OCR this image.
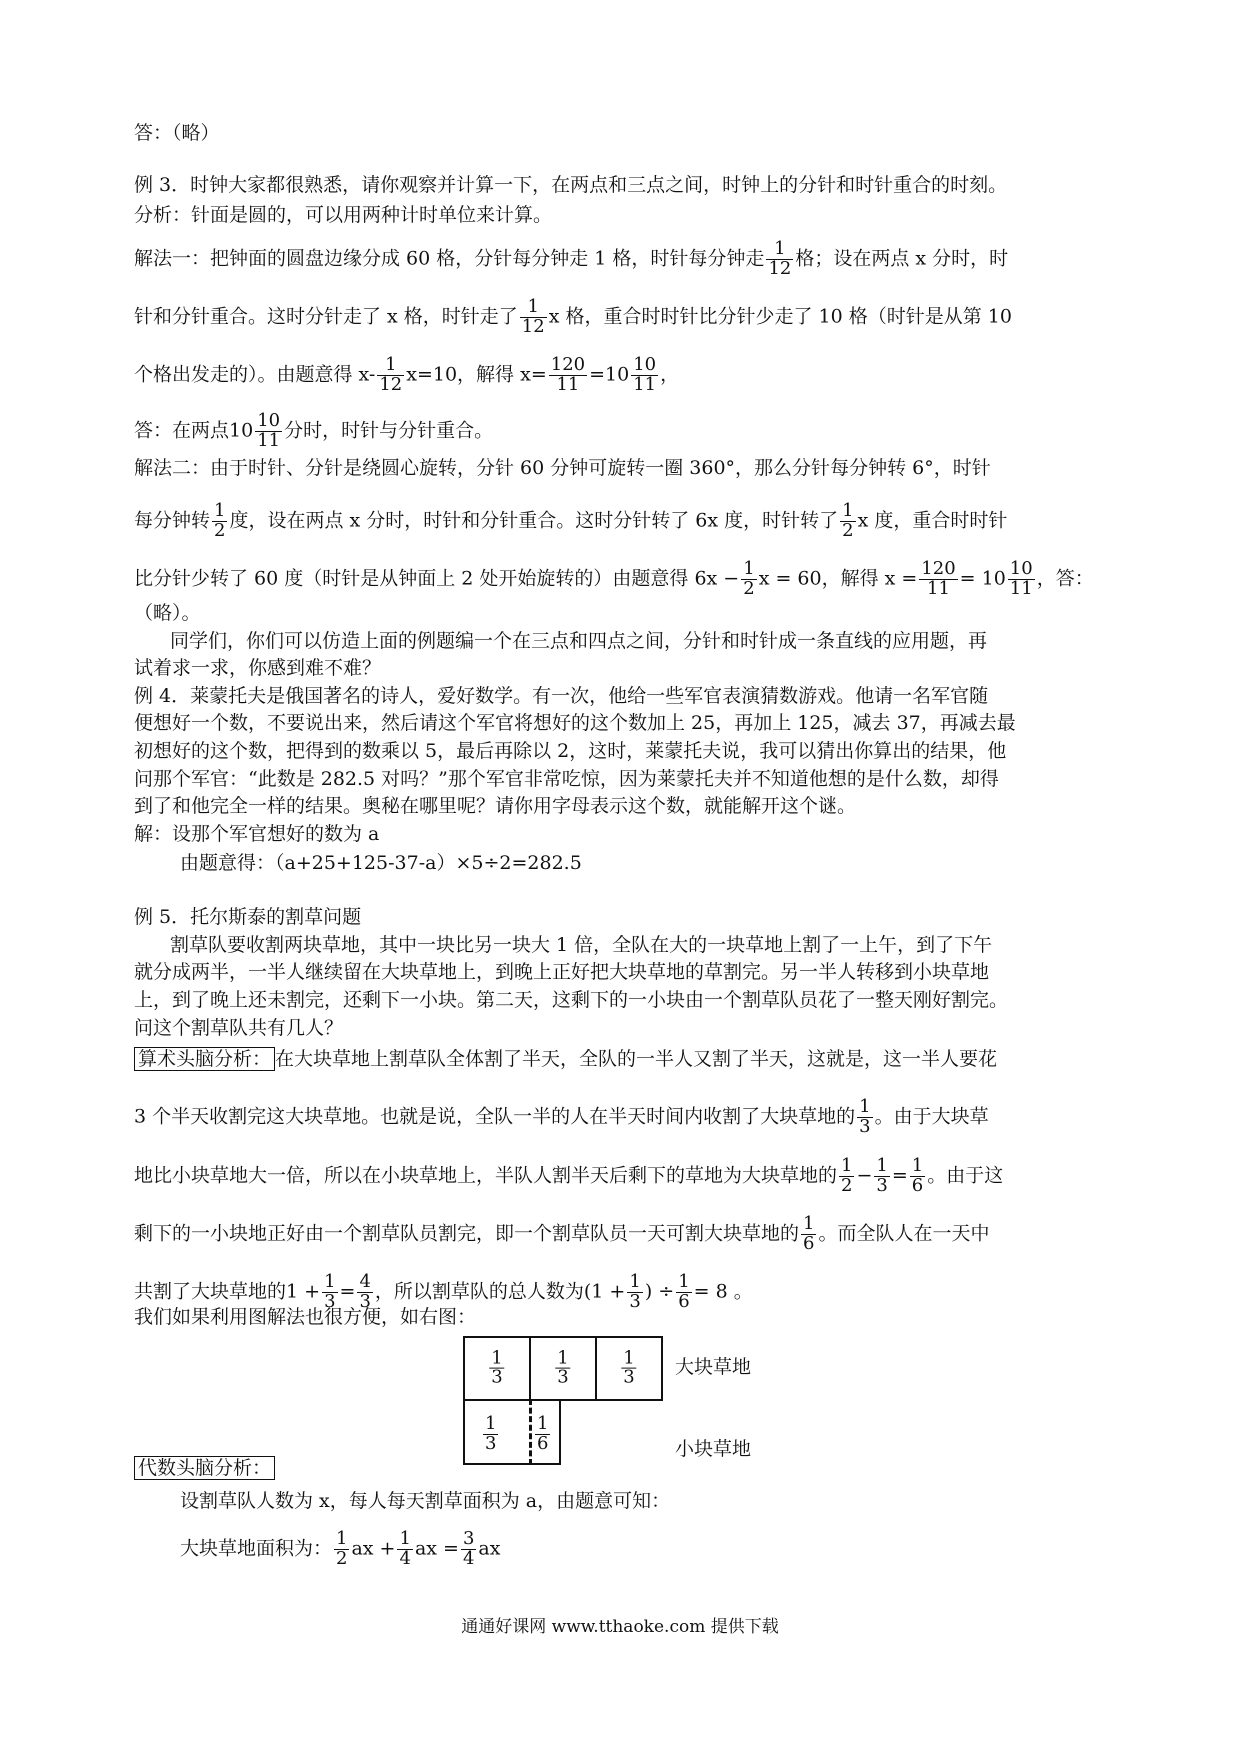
答：（略）
例 3．时钟大家都很熟悉，请你观察并计算一下，在两点和三点之间，时钟上的分针和时针重合的时刻。
分析：针面是圆的，可以用两种计时单位来计算。
解法一：把钟面的圆盘边缘分成 60 格，分针每分钟走 1 格，时针每分钟走 $\frac{1}{12}$ 格；设在两点 x 分时，时
针和分针重合。这时分针走了 x 格，时针走了 $\frac{1}{12}$ x 格，重合时时针比分针少走了 10 格（时针是从第 10
个格出发走的）。由题意得 $x- \frac{1}{12} x=10$，解得 $x= \frac{120}{11} =10 \frac{10}{11}$ ，
答：在两点$10 \frac{10}{11}$ 分时，时针与分针重合。
解法二：由于时针、分针是绕圆心旋转，分针 60 分钟可旋转一圈 360°，那么分针每分钟转 6°，时针
每分钟转 $\frac{1}{2}$ 度，设在两点 x 分时，时针和分针重合。这时分针转了 6x 度，时针转了 $\frac{1}{2}$ x 度，重合时时针
比分针少转了 60 度（时针是从钟面上 2 处开始旋转的）由题意得 $6x - \frac{1}{2}$ x = 60，解得 $x = \frac{120}{11} = 10 \frac{10}{11}$ ，答：
（略）。
同学们，你们可以仿造上面的例题编一个在三点和四点之间，分针和时针成一条直线的应用题，再
试着求一求，你感到难不难？
例 4．莱蒙托夫是俄国著名的诗人，爱好数学。有一次，他给一些军官表演猜数游戏。他请一名军官随
便想好一个数，不要说出来，然后请这个军官将想好的这个数加上 25，再加上 125，减去 37，再减去最
初想好的这个数，把得到的数乘以 5，最后再除以 2，这时，莱蒙托夫说，我可以猜出你算出的结果，他
问那个军官：“此数是 282.5 对吗？”那个军官非常吃惊，因为莱蒙托夫并不知道他想的是什么数，却得
到了和他完全一样的结果。奥秘在哪里呢？请你用字母表示这个数，就能解开这个谜。
解：设那个军官想好的数为 a
由题意得：（a+25+125-37-a）×5÷2=282.5
例 5．托尔斯泰的割草问题
割草队要收割两块草地，其中一块比另一块大 1 倍，全队在大的一块草地上割了一上午，到了下午
就分成两半，一半人继续留在大块草地上，到晚上正好把大块草地的草割完。另一半人转移到小块草地
上，到了晚上还未割完，还剩下一小块。第二天，这剩下的一小块由一个割草队员花了一整天刚好割完。
问这个割草队共有几人？
算术头脑分析： 在大块草地上割草队全体割了半天，全队的一半人又割了半天，这就是，这一半人要花
3 个半天收割完这大块草地。也就是说，全队一半的人在半天时间内收割了大块草地的 $\frac{1}{3}$ 。由于大块草
地比小块草地大一倍，所以在小块草地上，半队人割半天后剩下的草地为大块草地的 $\frac{1}{2} - \frac{1}{3} = \frac{1}{6}$ 。由于这
剩下的一小块地正好由一个割草队员割完，即一个割草队员一天可割大块草地的 $\frac{1}{6}$ 。而全队人在一天中
共割了大块草地的$1 + \frac{1}{3} = \frac{4}{3}$ ，所以割草队的总人数为($1 + \frac{1}{3}$ ) ÷ $\frac{1}{6} = 8$ 。
我们如果利用图解法也很方便，如右图：
$\frac{1}{3}$	$\frac{1}{3}$	$\frac{1}{3}$
$\frac{1}{3} \frac{1}{6}$
大块草地
小块草地
代数头脑分析：
设割草队人数为 x，每人每天割草面积为 a，由题意可知：
大块草地面积为： $\frac{1}{2}$ ax + $\frac{1}{4}$ ax = $\frac{3}{4}$ ax
通通好课网 www.tthaoke.com 提供下载
